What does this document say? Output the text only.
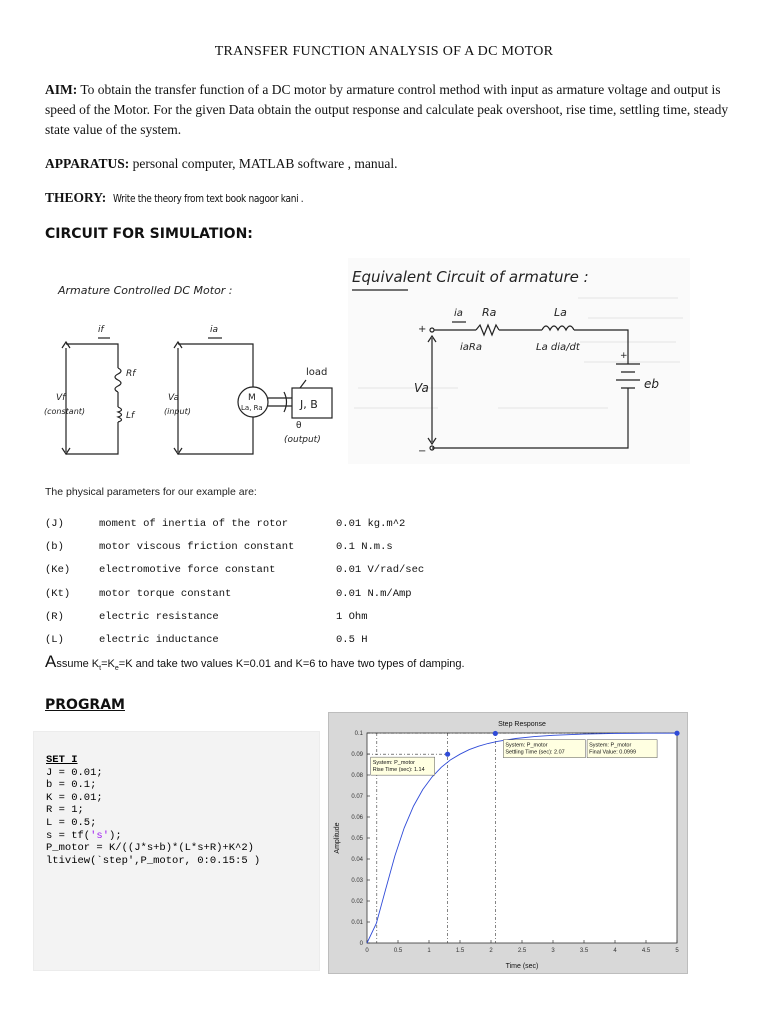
TRANSFER FUNCTION ANALYSIS OF A DC MOTOR
AIM: To obtain the transfer function of a DC motor by armature control method with input as armature voltage and output is speed of the Motor. For the given Data obtain the output response and calculate peak overshoot, rise time, settling time, steady state value of the system.
APPARATUS: personal computer, MATLAB software , manual.
THEORY: Write the theory from text book nagoor kani .
CIRCUIT FOR SIMULATION:
Armature Controlled DC Motor :
if
Rf
Lf
Vf
(constant)
ia
Va
(input)
M
La, Ra	J, B
load
θ
(output)
Equivalent Circuit of armature :
ia Ra	La
iaRa	La dia/dt
Va	eb
+
−
+
The physical parameters for our example are:
(J)	moment of inertia of the rotor	0.01 kg.m^2
(b)	motor viscous friction constant	0.1 N.m.s
(Ke)	electromotive force constant	0.01 V/rad/sec
(Kt)	motor torque constant	0.01 N.m/Amp
(R)	electric resistance	1 Ohm
(L)	electric inductance	0.5 H
Assume $K_t=K_e=K$ and take two values K=0.01 and K=6 to have two types of damping.
PROGRAM
SET I
J = 0.01;
b = 0.1;
K = 0.01;
R = 1;
L = 0.5;
s = tf('s');
P_motor = K/((J*s+b)*(L*s+R)+K^2)
ltiview(`step',P_motor, 0:0.15:5 )
Step Response
Time (sec)
Amplitude
0	0.5	1	1.5	2	2.5	3	3.5	4	4.5	5
0
0.01
0.02
0.03
0.04
0.05
0.06
0.07
0.08
0.09
0.1
System: P_motor
Rise Time (sec): 1.14
System: P_motor
Settling Time (sec): 2.07
System: P_motor
Final Value: 0.0999
